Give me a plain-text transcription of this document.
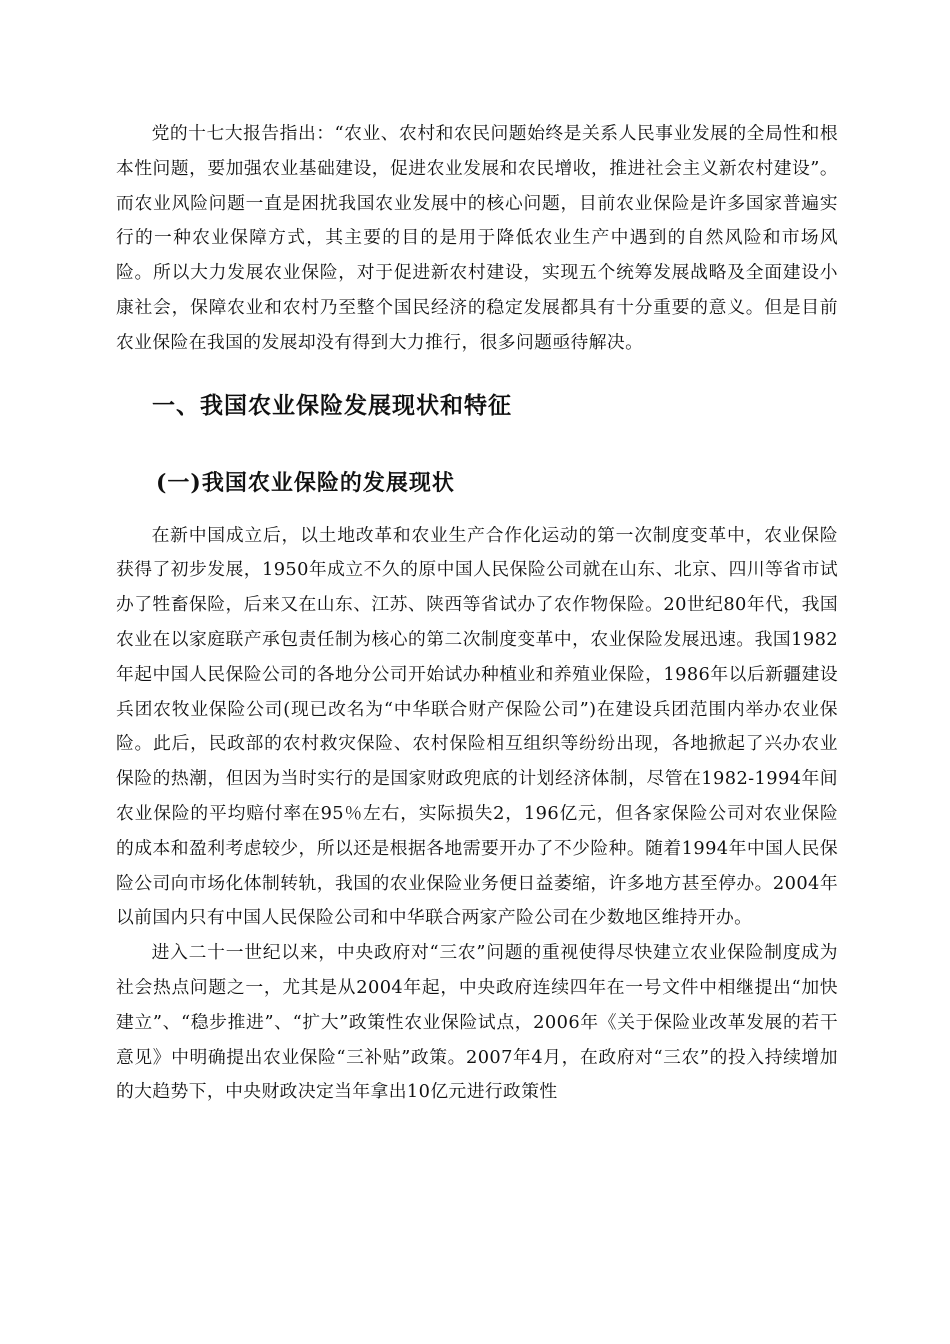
党的十七大报告指出：“农业、农村和农民问题始终是关系人民事业发展的全局性和根本性问题，要加强农业基础建设，促进农业发展和农民增收，推进社会主义新农村建设”。而农业风险问题一直是困扰我国农业发展中的核心问题，目前农业保险是许多国家普遍实行的一种农业保障方式，其主要的目的是用于降低农业生产中遇到的自然风险和市场风险。所以大力发展农业保险，对于促进新农村建设，实现五个统筹发展战略及全面建设小康社会，保障农业和农村乃至整个国民经济的稳定发展都具有十分重要的意义。但是目前农业保险在我国的发展却没有得到大力推行，很多问题亟待解决。

一、我国农业保险发展现状和特征
(一)我国农业保险的发展现状

在新中国成立后，以土地改革和农业生产合作化运动的第一次制度变革中，农业保险获得了初步发展，1950年成立不久的原中国人民保险公司就在山东、北京、四川等省市试办了牲畜保险，后来又在山东、江苏、陕西等省试办了农作物保险。20世纪80年代，我国农业在以家庭联产承包责任制为核心的第二次制度变革中，农业保险发展迅速。我国1982年起中国人民保险公司的各地分公司开始试办种植业和养殖业保险，1986年以后新疆建设兵团农牧业保险公司(现已改名为“中华联合财产保险公司”)在建设兵团范围内举办农业保险。此后，民政部的农村救灾保险、农村保险相互组织等纷纷出现，各地掀起了兴办农业保险的热潮，但因为当时实行的是国家财政兜底的计划经济体制，尽管在1982-1994年间农业保险的平均赔付率在95％左右，实际损失2，196亿元，但各家保险公司对农业保险的成本和盈利考虑较少，所以还是根据各地需要开办了不少险种。随着1994年中国人民保险公司向市场化体制转轨，我国的农业保险业务便日益萎缩，许多地方甚至停办。2004年以前国内只有中国人民保险公司和中华联合两家产险公司在少数地区维持开办。

进入二十一世纪以来，中央政府对“三农”问题的重视使得尽快建立农业保险制度成为社会热点问题之一，尤其是从2004年起，中央政府连续四年在一号文件中相继提出“加快建立”、“稳步推进”、“扩大”政策性农业保险试点，2006年《关于保险业改革发展的若干意见》中明确提出农业保险“三补贴”政策。2007年4月，在政府对“三农”的投入持续增加的大趋势下，中央财政决定当年拿出10亿元进行政策性
